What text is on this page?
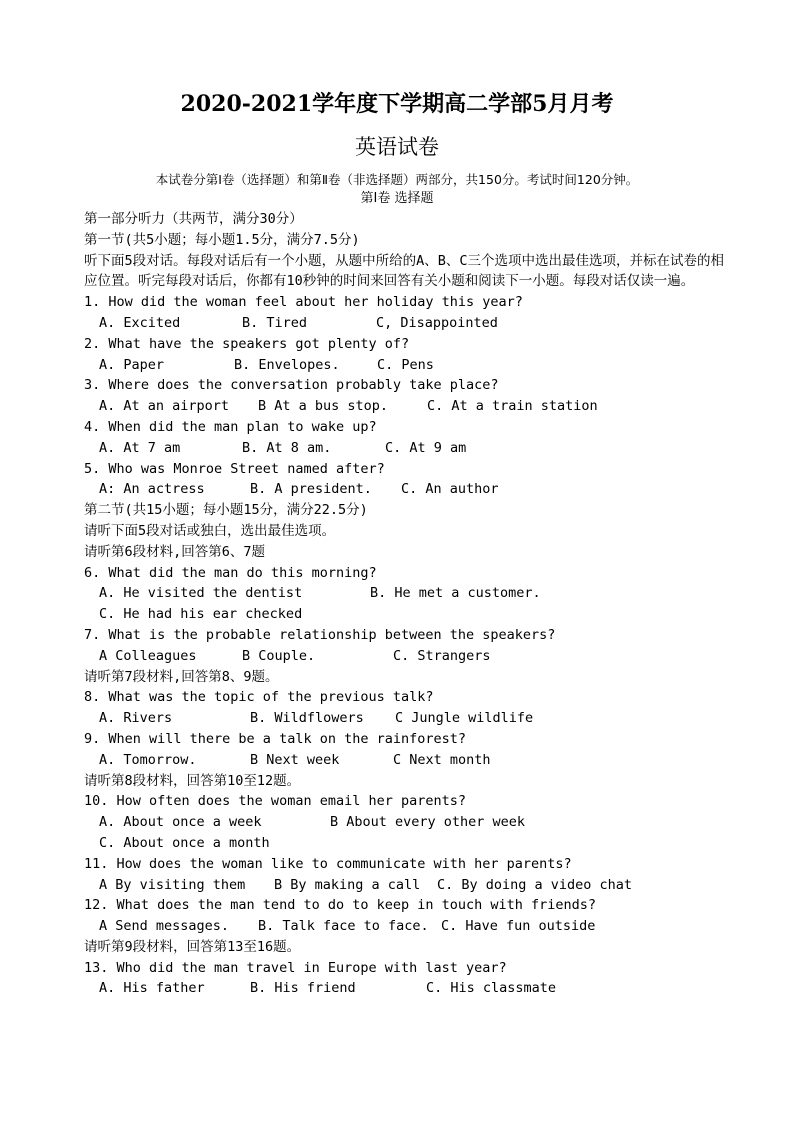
2020-2021学年度下学期高二学部5月月考
英语试卷
本试卷分第Ⅰ卷（选择题）和第Ⅱ卷（非选择题）两部分，共150分。考试时间120分钟。
第Ⅰ卷 选择题
第一部分听力（共两节，满分30分）
第一节(共5小题；每小题1.5分，满分7.5分)
听下面5段对话。每段对话后有一个小题，从题中所给的A、B、C三个选项中选出最佳选项，并标在试卷的相应位置。听完每段对话后，你都有10秒钟的时间来回答有关小题和阅读下一小题。每段对话仅读一遍。
1. How did the woman feel about her holiday this year?
A. Excited	B. Tired	C, Disappointed
2. What have the speakers got plenty of?
A. Paper	B. Envelopes.	C. Pens
3. Where does the conversation probably take place?
A. At an airport B At a bus stop.	C. At a train station
4. When did the man plan to wake up?
A. At 7 am	B. At 8 am.	C. At 9 am
5. Who was Monroe Street named after?
A: An actress	B. A president. C. An author
第二节(共15小题；每小题15分，满分22.5分)
请听下面5段对话或独白，选出最佳选项。
请听第6段材料,回答第6、7题
6. What did the man do this morning?
A. He visited the dentist	B. He met a customer.
C. He had his ear checked
7. What is the probable relationship between the speakers?
A Colleagues	B Couple.	C. Strangers
请听第7段材料,回答第8、9题。
8. What was the topic of the previous talk?
A. Rivers	B. Wildflowers C Jungle wildlife
9. When will there be a talk on the rainforest?
A. Tomorrow.	B Next week	C Next month
请听第8段材料，回答第10至12题。
10. How often does the woman email her parents?
A. About once a week	B About every other week
C. About once a month
11. How does the woman like to communicate with her parents?
A By visiting them B By making a call C. By doing a video chat
12. What does the man tend to do to keep in touch with friends?
A Send messages. B. Talk face to face. C. Have fun outside
请听第9段材料，回答第13至16题。
13. Who did the man travel in Europe with last year?
A. His father	B. His friend	C. His classmate
